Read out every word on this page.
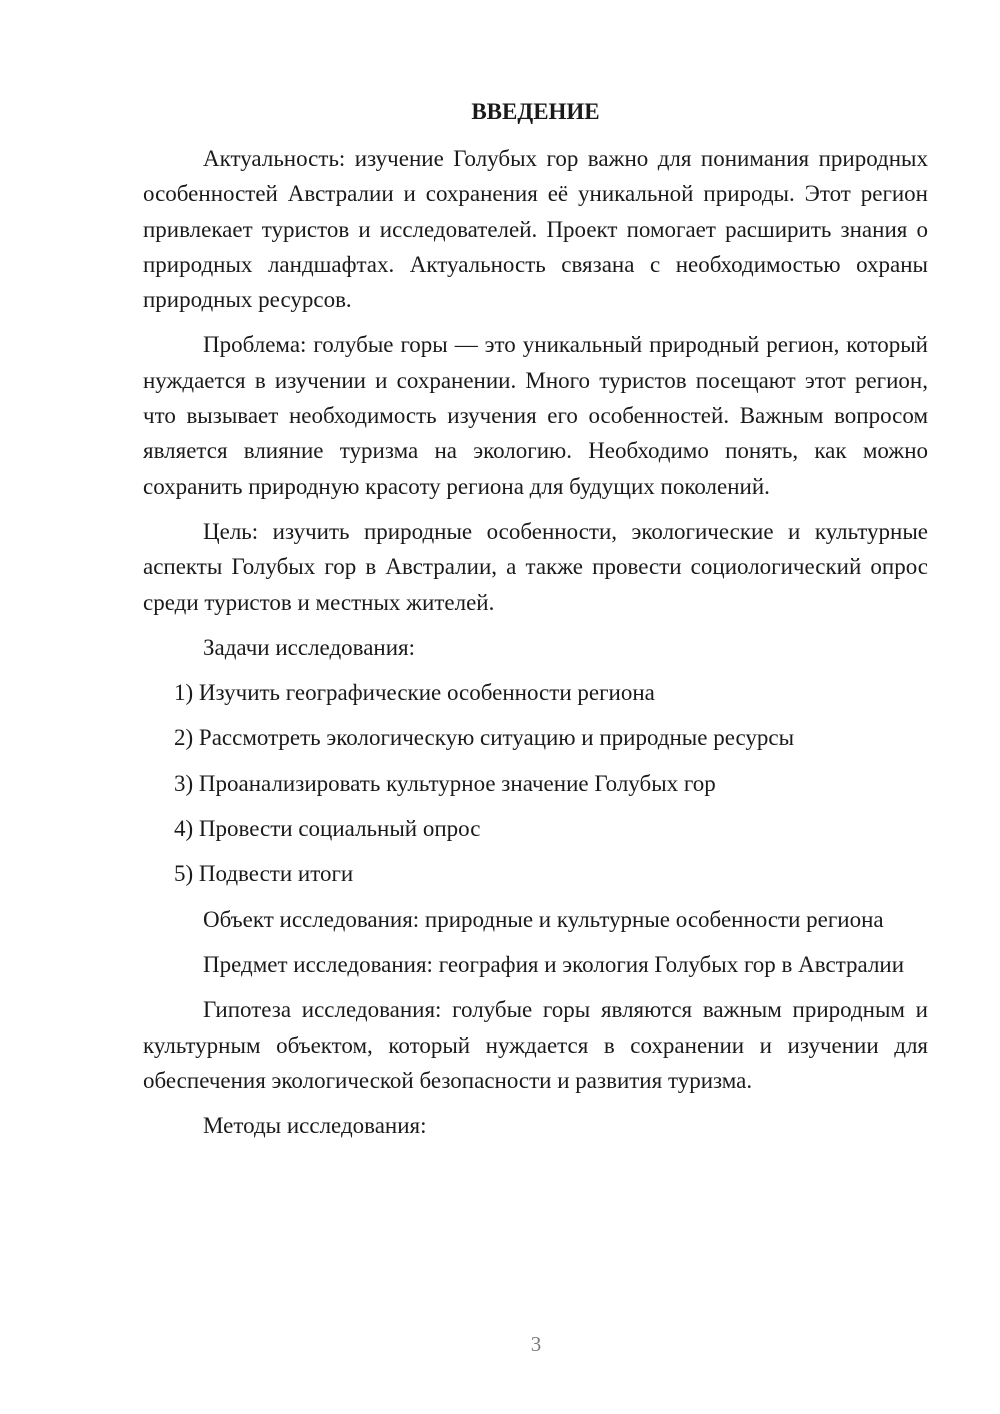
ВВЕДЕНИЕ

Актуальность: изучение Голубых гор важно для понимания природных особенностей Австралии и сохранения её уникальной природы. Этот регион привлекает туристов и исследователей. Проект помогает расширить знания о природных ландшафтах. Актуальность связана с необходимостью охраны природных ресурсов.

Проблема: голубые горы — это уникальный природный регион, который нуждается в изучении и сохранении. Много туристов посещают этот регион, что вызывает необходимость изучения его особенностей. Важным вопросом является влияние туризма на экологию. Необходимо понять, как можно сохранить природную красоту региона для будущих поколений.

Цель: изучить природные особенности, экологические и культурные аспекты Голубых гор в Австралии, а также провести социологический опрос среди туристов и местных жителей.

Задачи исследования:

1) Изучить географические особенности региона
2) Рассмотреть экологическую ситуацию и природные ресурсы
3) Проанализировать культурное значение Голубых гор
4) Провести социальный опрос
5) Подвести итоги

Объект исследования: природные и культурные особенности региона

Предмет исследования: география и экология Голубых гор в Австралии

Гипотеза исследования: голубые горы являются важным природным и культурным объектом, который нуждается в сохранении и изучении для обеспечения экологической безопасности и развития туризма.

Методы исследования:

3
